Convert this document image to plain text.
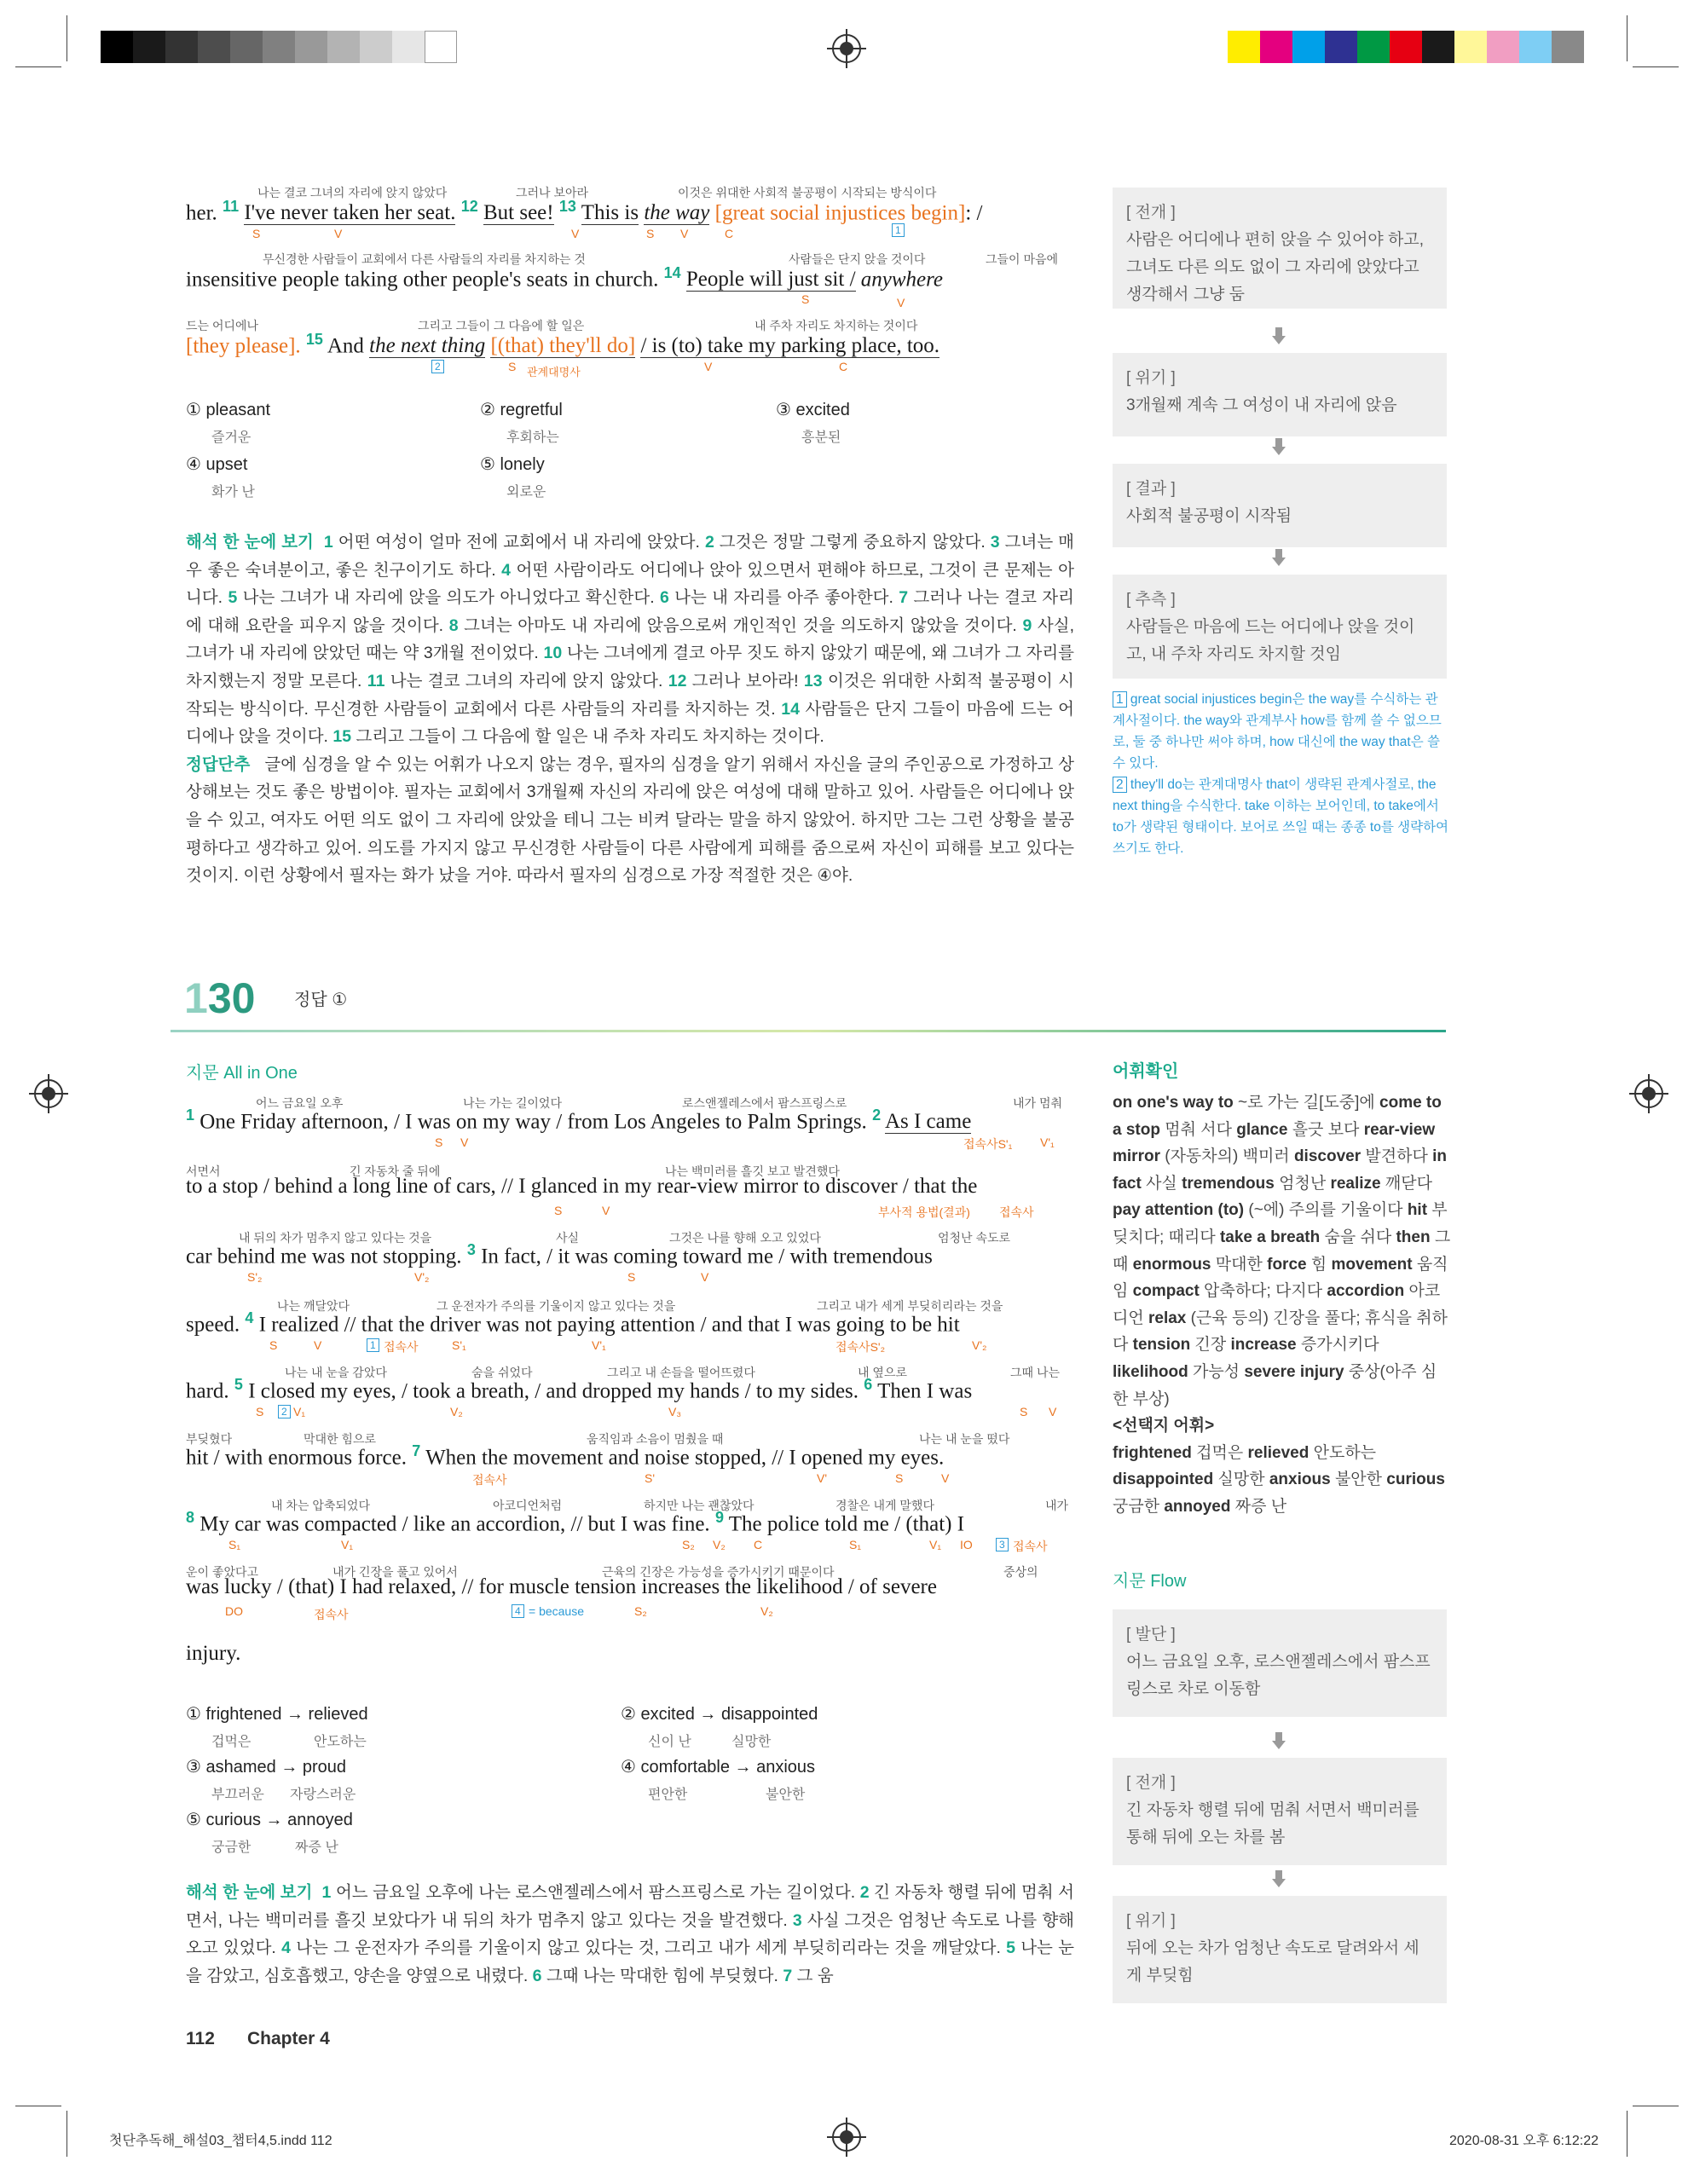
나는 결코 그녀의 자리에 앉지 않았다	그러나 보아라	이것은 위대한 사회적 불공평이 시작되는 방식이다
her. $^{11}$ I've never taken her seat. $^{12}$ But see! $^{13}$ This is the way [great social injustices begin]: /
S	V	V	S V	C	1
무신경한 사람들이 교회에서 다른 사람들의 자리를 차지하는 것	사람들은 단지 앉을 것이다	그들이 마음에
insensitive people taking other people's seats in church. $^{14}$ People will just sit / anywhere
S	V
드는 어디에나	그리고 그들이 그 다음에 할 일은	내 주차 자리도 차지하는 것이다
[they please]. $^{15}$ And the next thing [(that) they'll do] / is (to) take my parking place, too.
2	S 관계대명사	V	C
① pleasant
즐거운
② regretful
후회하는
③ excited
흥분된
④ upset
화가 난
⑤ lonely
외로운
해석 한 눈에 보기 1 어떤 여성이 얼마 전에 교회에서 내 자리에 앉았다. 2 그것은 정말 그렇게 중요하지 않았다. 3 그녀는 매우 좋은 숙녀분이고, 좋은 친구이기도 하다. 4 어떤 사람이라도 어디에나 앉아 있으면서 편해야 하므로, 그것이 큰 문제는 아니다. 5 나는 그녀가 내 자리에 앉을 의도가 아니었다고 확신한다. 6 나는 내 자리를 아주 좋아한다. 7 그러나 나는 결코 자리에 대해 요란을 피우지 않을 것이다. 8 그녀는 아마도 내 자리에 앉음으로써 개인적인 것을 의도하지 않았을 것이다. 9 사실, 그녀가 내 자리에 앉았던 때는 약 3개월 전이었다. 10 나는 그녀에게 결코 아무 짓도 하지 않았기 때문에, 왜 그녀가 그 자리를 차지했는지 정말 모른다. 11 나는 결코 그녀의 자리에 앉지 않았다. 12 그러나 보아라! 13 이것은 위대한 사회적 불공평이 시작되는 방식이다. 무신경한 사람들이 교회에서 다른 사람들의 자리를 차지하는 것. 14 사람들은 단지 그들이 마음에 드는 어디에나 앉을 것이다. 15 그리고 그들이 그 다음에 할 일은 내 주차 자리도 차지하는 것이다.
정답단추 글에 심경을 알 수 있는 어휘가 나오지 않는 경우, 필자의 심경을 알기 위해서 자신을 글의 주인공으로 가정하고 상상해보는 것도 좋은 방법이야. 필자는 교회에서 3개월째 자신의 자리에 앉은 여성에 대해 말하고 있어. 사람들은 어디에나 앉을 수 있고, 여자도 어떤 의도 없이 그 자리에 앉았을 테니 그는 비켜 달라는 말을 하지 않았어. 하지만 그는 그런 상황을 불공평하다고 생각하고 있어. 의도를 가지지 않고 무신경한 사람들이 다른 사람에게 피해를 줌으로써 자신이 피해를 보고 있다는 것이지. 이런 상황에서 필자는 화가 났을 거야. 따라서 필자의 심경으로 가장 적절한 것은 ④야.
[ 전개 ]
사람은 어디에나 편히 앉을 수 있어야 하고, 그녀도 다른 의도 없이 그 자리에 앉았다고 생각해서 그냥 둠
[ 위기 ]
3개월째 계속 그 여성이 내 자리에 앉음
[ 결과 ]
사회적 불공평이 시작됨
[ 추측 ]
사람들은 마음에 드는 어디에나 앉을 것이고, 내 주차 자리도 차지할 것임
1 great social injustices begin은 the way를 수식하는 관계사절이다. the way와 관계부사 how를 함께 쓸 수 없으므로, 둘 중 하나만 써야 하며, how 대신에 the way that은 쓸 수 있다.
2 they'll do는 관계대명사 that이 생략된 관계사절로, the next thing을 수식한다. take 이하는 보어인데, to take에서 to가 생략된 형태이다. 보어로 쓰일 때는 종종 to를 생략하여 쓰기도 한다.
130 정답 ①
지문 All in One
어느 금요일 오후	나는 가는 길이었다	로스앤젤레스에서 팜스프링스로	내가 멈춰
$^1$ One Friday afternoon, / I was on my way / from Los Angeles to Palm Springs. $^2$ As I came
S V	접속사S'₁ V'₁
서면서	긴 자동차 줄 뒤에	나는 백미러를 흘깃 보고 발견했다
to a stop / behind a long line of cars, // I glanced in my rear-view mirror to discover / that the
S	V	부사적 용법(결과) 접속사
내 뒤의 차가 멈추지 않고 있다는 것을	사실	그것은 나를 향해 오고 있었다	엄청난 속도로
car behind me was not stopping. $^3$ In fact, / it was coming toward me / with tremendous
S'₂	V'₂	S	V
나는 깨달았다	그 운전자가 주의를 기울이지 않고 있다는 것을	그리고 내가 세게 부딪히리라는 것을
speed. $^4$ I realized // that the driver was not paying attention / and that I was going to be hit
S	V	1 접속사	S'₁	V'₁	접속사S'₂	V'₂
나는 내 눈을 감았다	숨을 쉬었다	그리고 내 손들을 떨어뜨렸다	내 옆으로	그때 나는
hard. $^5$ I closed my eyes, / took a breath, / and dropped my hands / to my sides. $^6$ Then I was
S	2 V₁	V₂	V₃	S V
부딪혔다	막대한 힘으로	움직임과 소음이 멈췄을 때	나는 내 눈을 떴다
hit / with enormous force. $^7$ When the movement and noise stopped, // I opened my eyes.
접속사	S'	V'	S	V
내 차는 압축되었다	아코디언처럼	하지만 나는 괜찮았다	경찰은 내게 말했다	내가
$^8$ My car was compacted / like an accordion, // but I was fine. $^9$ The police told me / (that) I
S₁	V₁	S₂ V₂ C	S₁	V₁ IO	3 접속사
운이 좋았다고	내가 긴장을 풀고 있어서	근육의 긴장은 가능성을 증가시키기 때문이다	중상의
was lucky / (that) I had relaxed, // for muscle tension increases the likelihood / of severe
DO	접속사	4 = because	S₂	V₂
injury.
① frightened → relieved
겁먹은	안도하는
② excited → disappointed
신이 난	실망한
③ ashamed → proud
부끄러운 자랑스러운
④ comfortable → anxious
편안한	불안한
⑤ curious → annoyed
궁금한	짜증 난
해석 한 눈에 보기 1 어느 금요일 오후에 나는 로스앤젤레스에서 팜스프링스로 가는 길이었다. 2 긴 자동차 행렬 뒤에 멈춰 서면서, 나는 백미러를 흘깃 보았다가 내 뒤의 차가 멈추지 않고 있다는 것을 발견했다. 3 사실 그것은 엄청난 속도로 나를 향해 오고 있었다. 4 나는 그 운전자가 주의를 기울이지 않고 있다는 것, 그리고 내가 세게 부딪히리라는 것을 깨달았다. 5 나는 눈을 감았고, 심호흡했고, 양손을 양옆으로 내렸다. 6 그때 나는 막대한 힘에 부딪혔다. 7 그 움
어휘확인
on one's way to ~로 가는 길[도중]에 come to a stop 멈춰 서다 glance 흘긋 보다 rear-view mirror (자동차의) 백미러 discover 발견하다 in fact 사실 tremendous 엄청난 realize 깨닫다 pay attention (to) (~에) 주의를 기울이다 hit 부딪치다; 때리다 take a breath 숨을 쉬다 then 그때 enormous 막대한 force 힘 movement 움직임 compact 압축하다; 다지다 accordion 아코디언 relax (근육 등의) 긴장을 풀다; 휴식을 취하다 tension 긴장 increase 증가시키다 likelihood 가능성 severe injury 중상(아주 심한 부상)
<선택지 어휘>
frightened 겁먹은 relieved 안도하는 disappointed 실망한 anxious 불안한 curious 궁금한 annoyed 짜증 난
지문 Flow
[ 발단 ]
어느 금요일 오후, 로스앤젤레스에서 팜스프링스로 차로 이동함
[ 전개 ]
긴 자동차 행렬 뒤에 멈춰 서면서 백미러를 통해 뒤에 오는 차를 봄
[ 위기 ]
뒤에 오는 차가 엄청난 속도로 달려와서 세게 부딪힘
112 Chapter 4
첫단추독해_해설03_챕터4,5.indd 112	2020-08-31 오후 6:12:22
